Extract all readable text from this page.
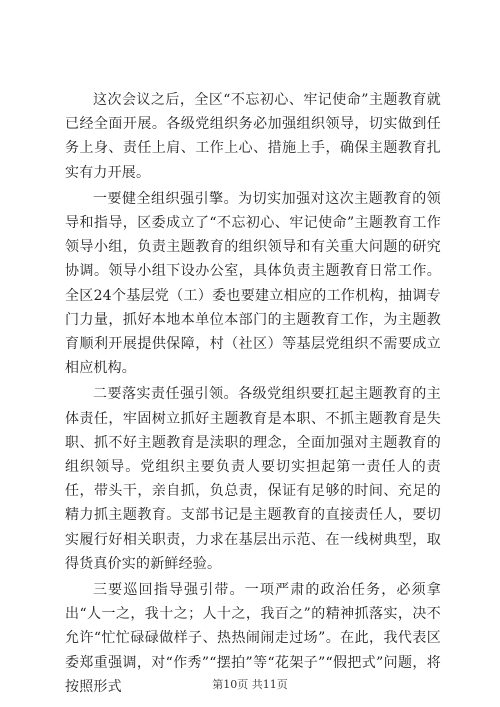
这次会议之后，全区“不忘初心、牢记使命”主题教育就已经全面开展。各级党组织务必加强组织领导，切实做到任务上身、责任上肩、工作上心、措施上手，确保主题教育扎实有力开展。

一要健全组织强引擎。为切实加强对这次主题教育的领导和指导，区委成立了“不忘初心、牢记使命”主题教育工作领导小组，负责主题教育的组织领导和有关重大问题的研究协调。领导小组下设办公室，具体负责主题教育日常工作。全区24个基层党（工）委也要建立相应的工作机构，抽调专门力量，抓好本地本单位本部门的主题教育工作，为主题教育顺利开展提供保障，村（社区）等基层党组织不需要成立相应机构。

二要落实责任强引领。各级党组织要扛起主题教育的主体责任，牢固树立抓好主题教育是本职、不抓主题教育是失职、抓不好主题教育是渎职的理念，全面加强对主题教育的组织领导。党组织主要负责人要切实担起第一责任人的责任，带头干，亲自抓，负总责，保证有足够的时间、充足的精力抓主题教育。支部书记是主题教育的直接责任人，要切实履行好相关职责，力求在基层出示范、在一线树典型，取得货真价实的新鲜经验。

三要巡回指导强引带。一项严肃的政治任务，必须拿出“人一之，我十之；人十之，我百之”的精神抓落实，决不允许“忙忙碌碌做样子、热热闹闹走过场”。在此，我代表区委郑重强调，对“作秀”“摆拍”等“花架子”“假把式”问题，将按照形式	第10页 共11页
